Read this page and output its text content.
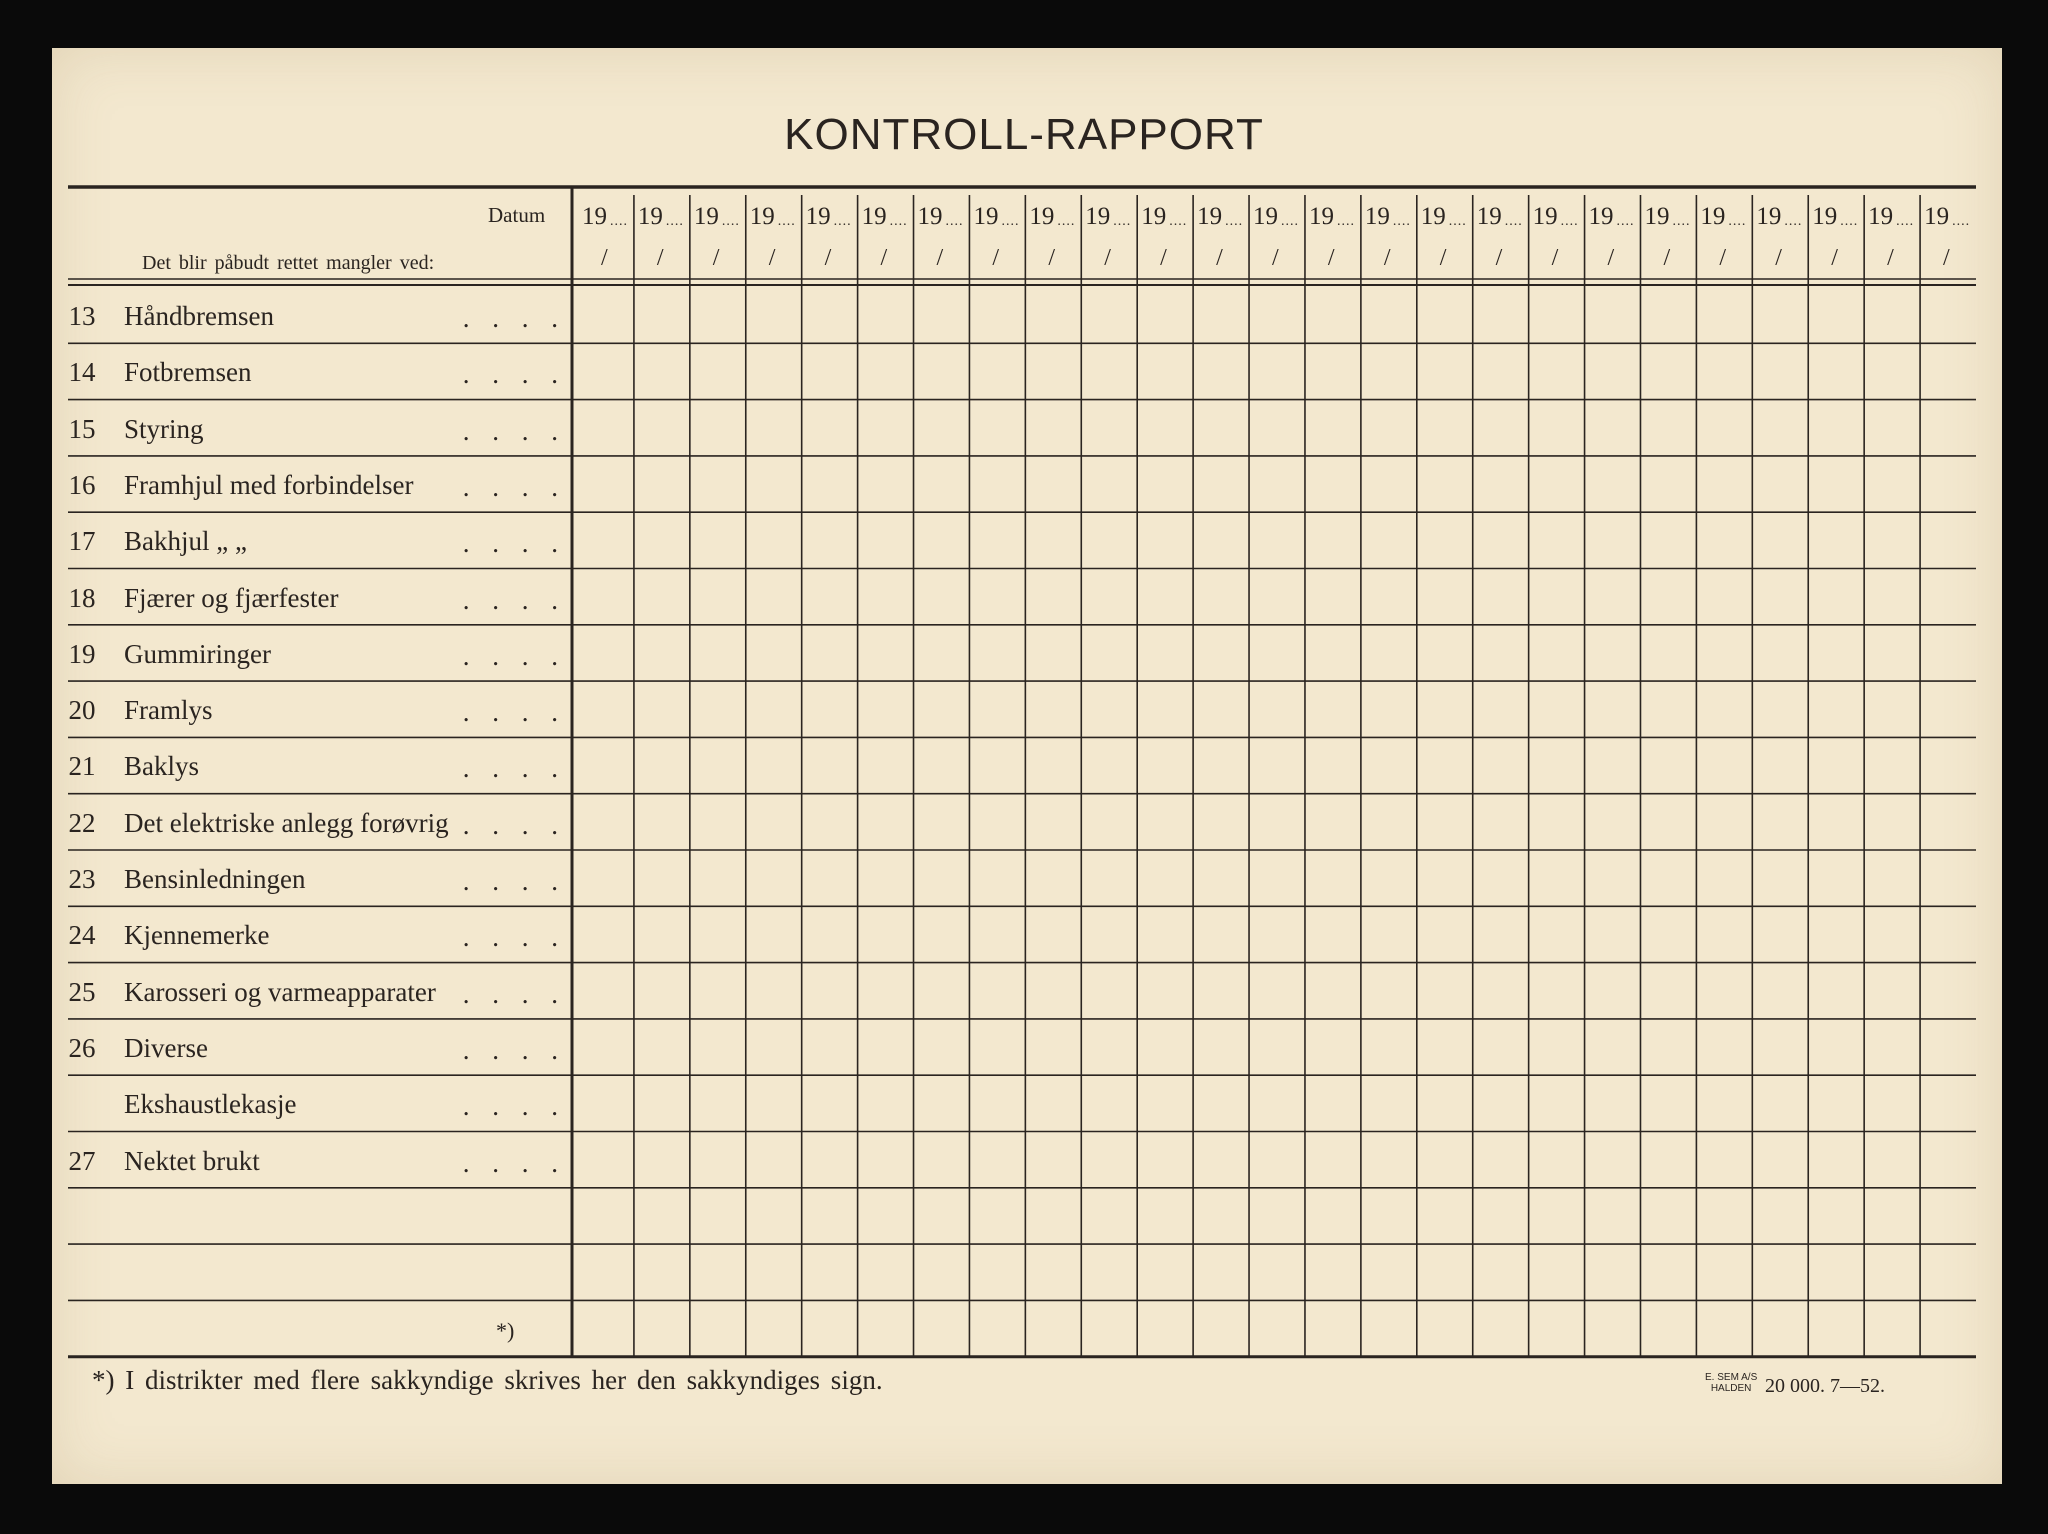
KONTROLL-RAPPORT
Datum
Det blir påbudt rettet mangler ved:
19 ....
/
19 ....
/
19 ....
/
19 ....
/
19 ....
/
19 ....
/
19 ....
/
19 ....
/
19 ....
/
19 ....
/
19 ....
/
19 ....
/
19 ....
/
19 ....
/
19 ....
/
19 ....
/
19 ....
/
19 ....
/
19 ....
/
19 ....
/
19 ....
/
19 ....
/
19 ....
/
19 ....
/
19 ....
/
13 Håndbremsen	. . . .
14 Fotbremsen	. . . .
15 Styring	. . . .
16 Framhjul med forbindelser . . . .
17 Bakhjul „ „	. . . .
18 Fjærer og fjærfester	. . . .
19 Gummiringer	. . . .
20 Framlys	. . . .
21 Baklys	. . . .
22 Det elektriske anlegg forøvrig . . . .
23 Bensinledningen	. . . .
24 Kjennemerke	. . . .
25 Karosseri og varmeapparater . . . .
26 Diverse	. . . .
Ekshaustlekasje	. . . .
27 Nektet brukt	. . . .
*)
*) I distrikter med flere sakkyndige skrives her den sakkyndiges sign.	E. SEM A/S
HALDEN 20 000. 7—52.
